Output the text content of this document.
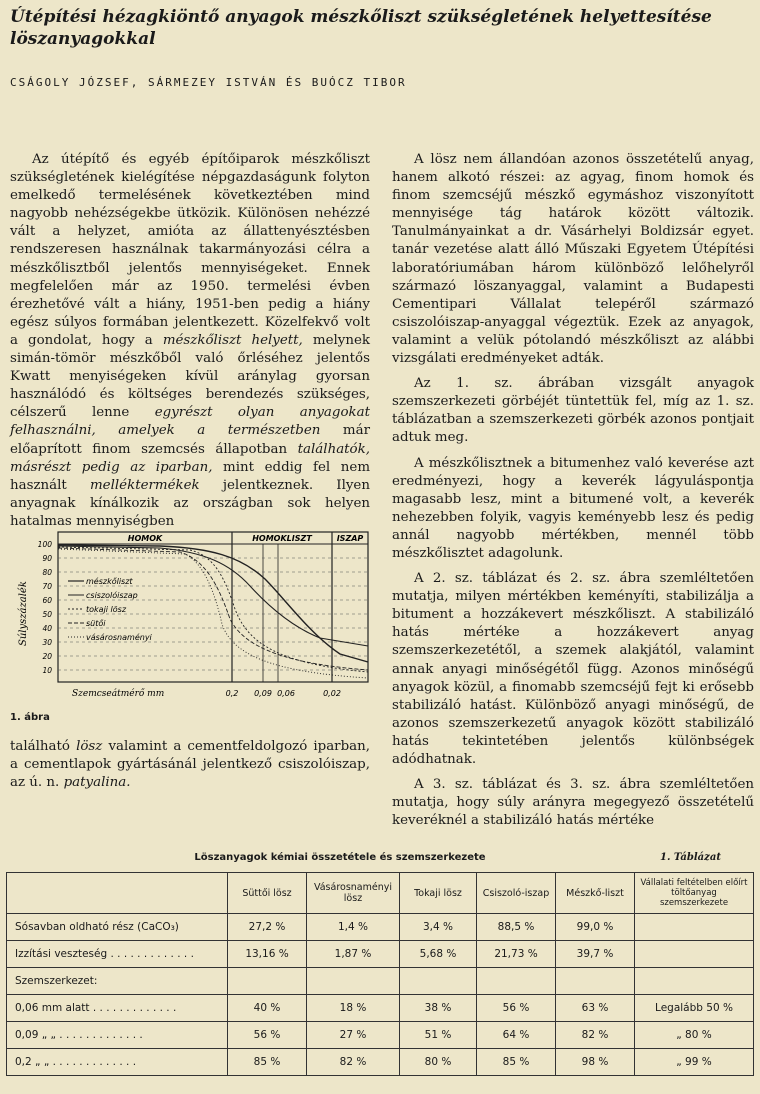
Útépítési hézagkiöntő anyagok mészkőliszt szükségletének helyettesítése löszanyagokkal
CSÁGOLY JÓZSEF, SÁRMEZEY ISTVÁN ÉS BUÓCZ TIBOR

Az útépítő és egyéb építőiparok mészkőliszt szükségletének kielégítése népgazdaságunk folyton emelkedő termelésének következtében mind nagyobb nehézségekbe ütközik. Különösen nehézzé vált a helyzet, amióta az állattenyésztésben rendszeresen használnak takarmányozási célra a mészkőlisztből jelentős mennyiségeket. Ennek megfelelően már az 1950. termelési évben érezhetővé vált a hiány, 1951-ben pedig a hiány egész súlyos formában jelentkezett. Közelfekvő volt a gondolat, hogy a mészkőliszt helyett, melynek simán-tömör mészkőből való őrléséhez jelentős Kwatt menyiségeken kívül aránylag gyorsan használódó és költséges berendezés szükséges, célszerű lenne egyrészt olyan anyagokat felhasználni, amelyek a természetben már előaprított finom szemcsés állapotban találhatók, másrészt pedig az iparban, mint eddig fel nem használt melléktermékek jelentkeznek. Ilyen anyagnak kínálkozik az országban sok helyen hatalmas mennyiségben

HOMOK	HOMOKLISZT	ISZAP
100
90
80
70
60
50
40
30
20
10
Súlyszázalék
Szemcseátmérő mm	0,2 0,09 0,06	0,02
mészkőliszt
csiszolóiszap
tokaji lösz
sütői
vásárosnaményi
1. ábra

található lösz valamint a cementfeldolgozó iparban, a cementlapok gyártásánál jelentkező csiszolóiszap, az ú. n. patyalina.

A lösz nem állandóan azonos összetételű anyag, hanem alkotó részei: az agyag, finom homok és finom szemcséjű mészkő egymáshoz viszonyított mennyisége tág határok között változik. Tanulmányainkat a dr. Vásárhelyi Boldizsár egyet. tanár vezetése alatt álló Műszaki Egyetem Útépítési laboratóriumában három különböző lelőhelyről származó löszanyaggal, valamint a Budapesti Cementipari Vállalat telepéről származó csiszolóiszap-anyaggal végeztük. Ezek az anyagok, valamint a velük pótolandó mészkőliszt az alábbi vizsgálati eredményeket adták.

Az 1. sz. ábrában vizsgált anyagok szemszerkezeti görbéjét tüntettük fel, míg az 1. sz. táblázatban a szemszerkezeti görbék azonos pontjait adtuk meg.

A mészkőlisztnek a bitumenhez való keverése azt eredményezi, hogy a keverék lágyuláspontja magasabb lesz, mint a bitumené volt, a keverék nehezebben folyik, vagyis keményebb lesz és pedig annál nagyobb mértékben, mennél több mészkőlisztet adagolunk.

A 2. sz. táblázat és 2. sz. ábra szemléltetően mutatja, milyen mértékben keményíti, stabilizálja a bitument a hozzákevert mészkőliszt. A stabilizáló hatás mértéke a hozzákevert anyag szemszerkezetétől, a szemek alakjától, valamint annak anyagi minőségétől függ. Azonos minőségű anyagok közül, a finomabb szemcséjű fejt ki erősebb stabilizáló hatást. Különböző anyagi minőségű, de azonos szemszerkezetű anyagok között stabilizáló hatás tekintetében jelentős különbségek adódhatnak.

A 3. sz. táblázat és 3. sz. ábra szemléltetően mutatja, hogy súly arányra megegyező összetételű keveréknél a stabilizáló hatás mértéke

Löszanyagok kémiai összetétele és szemszerkezete	1. Táblázat
	Süttői lösz	Vásárosnaményi lösz	Tokaji lösz	Csiszoló-iszap	Mészkő-liszt	Vállalati feltételben előírt töltőanyag szemszerkezete
Sósavban oldható rész (CaCO₃)	27,2 %	1,4 %	3,4 %	88,5 %	99,0 %	
Izzítási veszteség . . . . . . . . . . . . .	13,16 %	1,87 %	5,68 %	21,73 %	39,7 %	
Szemszerkezet:						
0,06 mm alatt . . . . . . . . . . . . .	40 %	18 %	38 %	56 %	63 %	Legalább 50 %
0,09 „ „ . . . . . . . . . . . . .	56 %	27 %	51 %	64 %	82 %	„ 80 %
0,2 „ „ . . . . . . . . . . . . .	85 %	82 %	80 %	85 %	98 %	„ 99 %
